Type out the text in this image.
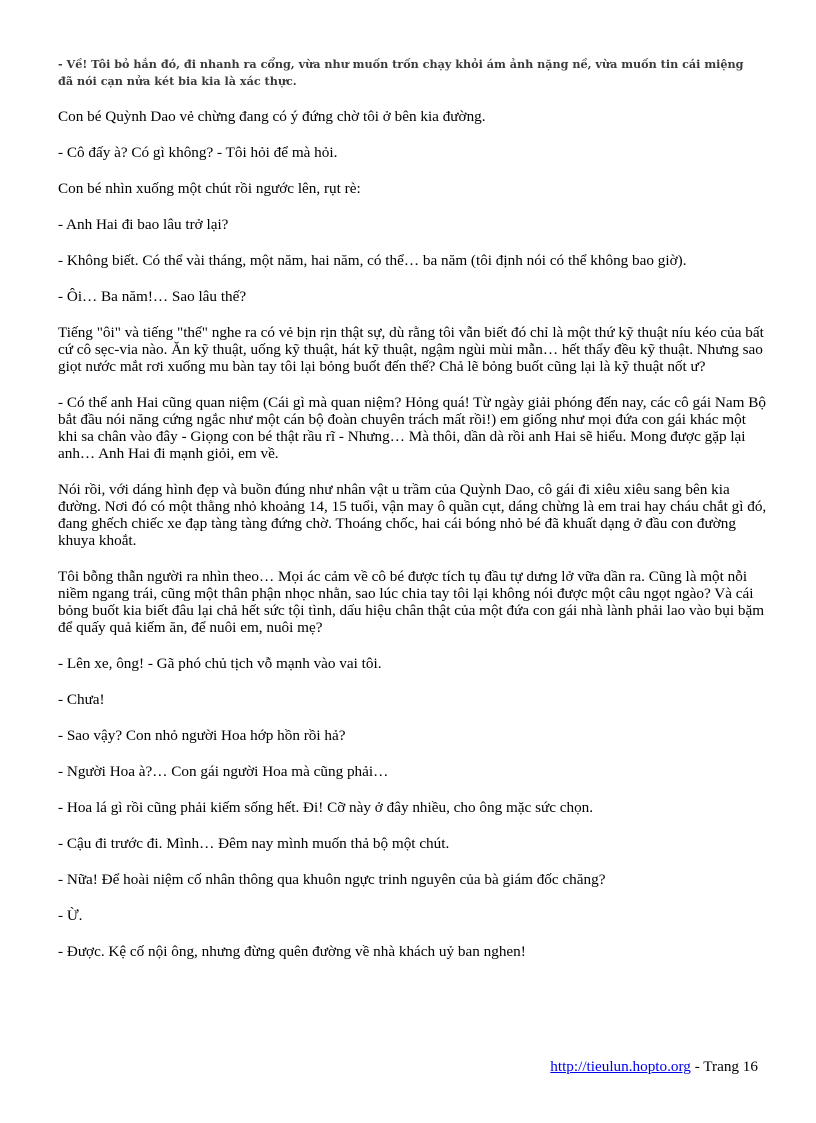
- Về! Tôi bỏ hắn đó, đi nhanh ra cổng, vừa như muốn trốn chạy khỏi ám ảnh nặng nề, vừa muốn tin cái miệng đã nói cạn nửa két bia kia là xác thực.

Con bé Quỳnh Dao vẻ chừng đang có ý đứng chờ tôi ở bên kia đường.

- Cô đấy à? Có gì không? - Tôi hỏi để mà hỏi.

Con bé nhìn xuống một chút rồi ngước lên, rụt rè:

- Anh Hai đi bao lâu trở lại?

- Không biết. Có thể vài tháng, một năm, hai năm, có thể… ba năm (tôi định nói có thể không bao giờ).

- Ôi… Ba năm!… Sao lâu thế?

Tiếng "ôi" và tiếng "thế" nghe ra có vẻ bịn rịn thật sự, dù rằng tôi vẫn biết đó chỉ là một thứ kỹ thuật níu kéo của bất cứ cô sẹc-via nào. Ăn kỹ thuật, uống kỹ thuật, hát kỹ thuật, ngậm ngùi mùi mẫn… hết thẩy đều kỹ thuật. Nhưng sao giọt nước mắt rơi xuống mu bàn tay tôi lại bỏng buốt đến thế? Chả lẽ bỏng buốt cũng lại là kỹ thuật nốt ư?

- Có thể anh Hai cũng quan niệm (Cái gì mà quan niệm? Hỏng quá! Từ ngày giải phóng đến nay, các cô gái Nam Bộ bắt đầu nói năng cứng ngắc như một cán bộ đoàn chuyên trách mất rồi!) em giống như mọi đứa con gái khác một khi sa chân vào đây - Giọng con bé thật rầu rĩ - Nhưng… Mà thôi, dần dà rồi anh Hai sẽ hiểu. Mong được gặp lại anh… Anh Hai đi mạnh giỏi, em về.

Nói rồi, với dáng hình đẹp và buồn đúng như nhân vật u trầm của Quỳnh Dao, cô gái đi xiêu xiêu sang bên kia đường. Nơi đó có một thằng nhỏ khoảng 14, 15 tuổi, vận may ô quần cụt, dáng chừng là em trai hay cháu chắt gì đó, đang ghếch chiếc xe đạp tàng tàng đứng chờ. Thoáng chốc, hai cái bóng nhỏ bé đã khuất dạng ở đầu con đường khuya khoắt.

Tôi bỗng thẫn người ra nhìn theo… Mọi ác cảm về cô bé được tích tụ đầu tự dưng lở vữa dần ra. Cũng là một nỗi niềm ngang trái, cũng một thân phận nhọc nhằn, sao lúc chia tay tôi lại không nói được một câu ngọt ngào? Và cái bỏng buốt kia biết đâu lại chả hết sức tội tình, dấu hiệu chân thật của một đứa con gái nhà lành phải lao vào bụi bặm để quấy quả kiếm ăn, để nuôi em, nuôi mẹ?

- Lên xe, ông! - Gã phó chủ tịch vỗ mạnh vào vai tôi.

- Chưa!

- Sao vậy? Con nhỏ người Hoa hớp hồn rồi hả?

- Người Hoa à?… Con gái người Hoa mà cũng phải…

- Hoa lá gì rồi cũng phải kiếm sống hết. Đi! Cỡ này ở đây nhiều, cho ông mặc sức chọn.

- Cậu đi trước đi. Mình… Đêm nay mình muốn thả bộ một chút.

- Nữa! Để hoài niệm cố nhân thông qua khuôn ngực trinh nguyên của bà giám đốc chăng?

- Ừ.

- Được. Kệ cố nội ông, nhưng đừng quên đường về nhà khách uỷ ban nghen!

http://tieulun.hopto.org - Trang 16
